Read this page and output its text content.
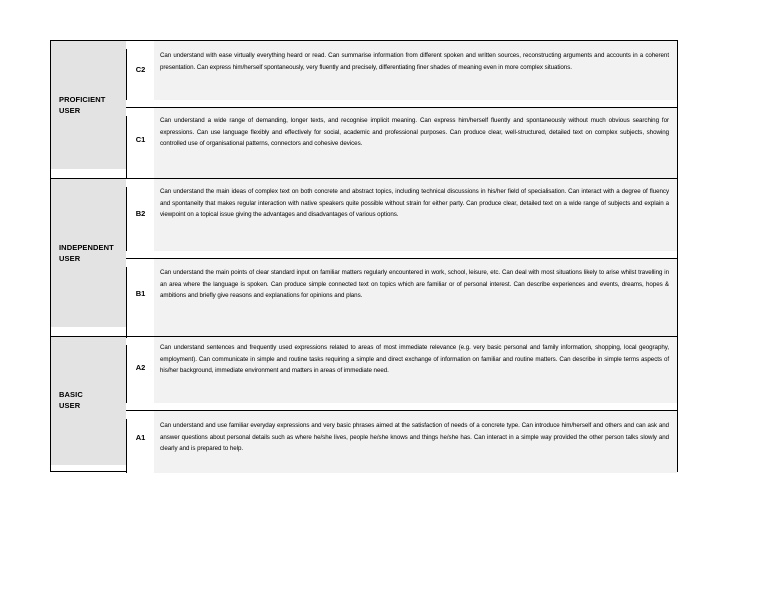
PROFICIENT
USER
C2
Can understand with ease virtually everything heard or read. Can summarise information from different spoken and written sources, reconstructing arguments and accounts in a coherent presentation. Can express him/herself spontaneously, very fluently and precisely, differentiating finer shades of meaning even in more complex situations.
C1
Can understand a wide range of demanding, longer texts, and recognise implicit meaning. Can express him/herself fluently and spontaneously without much obvious searching for expressions. Can use language flexibly and effectively for social, academic and professional purposes. Can produce clear, well-structured, detailed text on complex subjects, showing controlled use of organisational patterns, connectors and cohesive devices.
INDEPENDENT
USER
B2
Can understand the main ideas of complex text on both concrete and abstract topics, including technical discussions in his/her field of specialisation. Can interact with a degree of fluency and spontaneity that makes regular interaction with native speakers quite possible without strain for either party. Can produce clear, detailed text on a wide range of subjects and explain a viewpoint on a topical issue giving the advantages and disadvantages of various options.
B1
Can understand the main points of clear standard input on familiar matters regularly encountered in work, school, leisure, etc. Can deal with most situations likely to arise whilst travelling in an area where the language is spoken. Can produce simple connected text on topics which are familiar or of personal interest. Can describe experiences and events, dreams, hopes & ambitions and briefly give reasons and explanations for opinions and plans.
BASIC
USER
A2
Can understand sentences and frequently used expressions related to areas of most immediate relevance (e.g. very basic personal and family information, shopping, local geography, employment). Can communicate in simple and routine tasks requiring a simple and direct exchange of information on familiar and routine matters. Can describe in simple terms aspects of his/her background, immediate environment and matters in areas of immediate need.
A1
Can understand and use familiar everyday expressions and very basic phrases aimed at the satisfaction of needs of a concrete type. Can introduce him/herself and others and can ask and answer questions about personal details such as where he/she lives, people he/she knows and things he/she has. Can interact in a simple way provided the other person talks slowly and clearly and is prepared to help.
